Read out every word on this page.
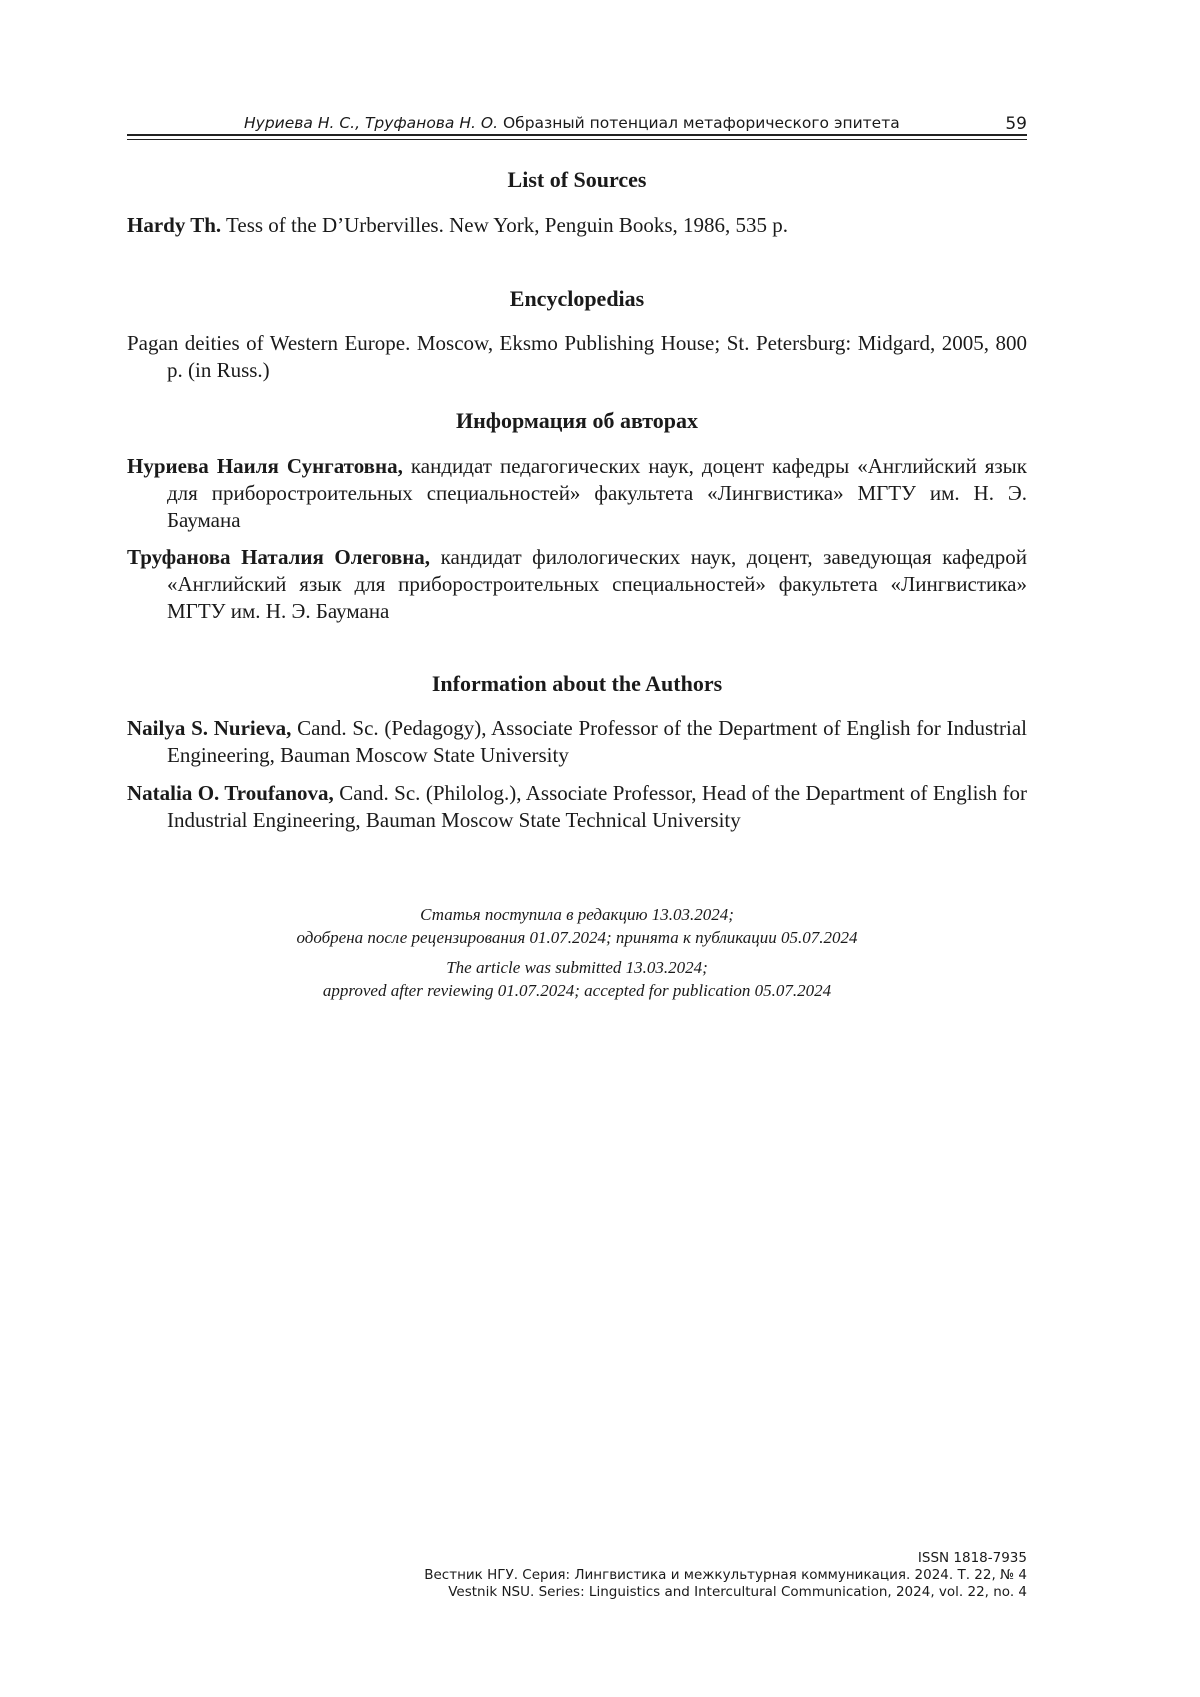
Нуриева Н. С., Труфанова Н. О. Образный потенциал метафорического эпитета	59
List of Sources
Hardy Th. Tess of the D’Urbervilles. New York, Penguin Books, 1986, 535 p.
Encyclopedias
Pagan deities of Western Europe. Moscow, Eksmo Publishing House; St. Petersburg: Midgard, 2005, 800 p. (in Russ.)
Информация об авторах
Нуриева Наиля Сунгатовна, кандидат педагогических наук, доцент кафедры «Английский язык для приборостроительных специальностей» факультета «Лингвистика» МГТУ им. Н. Э. Баумана
Труфанова Наталия Олеговна, кандидат филологических наук, доцент, заведующая кафедрой «Английский язык для приборостроительных специальностей» факультета «Лингвистика» МГТУ им. Н. Э. Баумана
Information about the Authors
Nailya S. Nurieva, Cand. Sc. (Pedagogy), Associate Professor of the Department of English for Industrial Engineering, Bauman Moscow State University
Natalia O. Troufanova, Cand. Sc. (Philolog.), Associate Professor, Head of the Department of English for Industrial Engineering, Bauman Moscow State Technical University
Статья поступила в редакцию 13.03.2024;
одобрена после рецензирования 01.07.2024; принята к публикации 05.07.2024
The article was submitted 13.03.2024;
approved after reviewing 01.07.2024; accepted for publication 05.07.2024
ISSN 1818-7935
Вестник НГУ. Серия: Лингвистика и межкультурная коммуникация. 2024. Т. 22, № 4
Vestnik NSU. Series: Linguistics and Intercultural Communication, 2024, vol. 22, no. 4
